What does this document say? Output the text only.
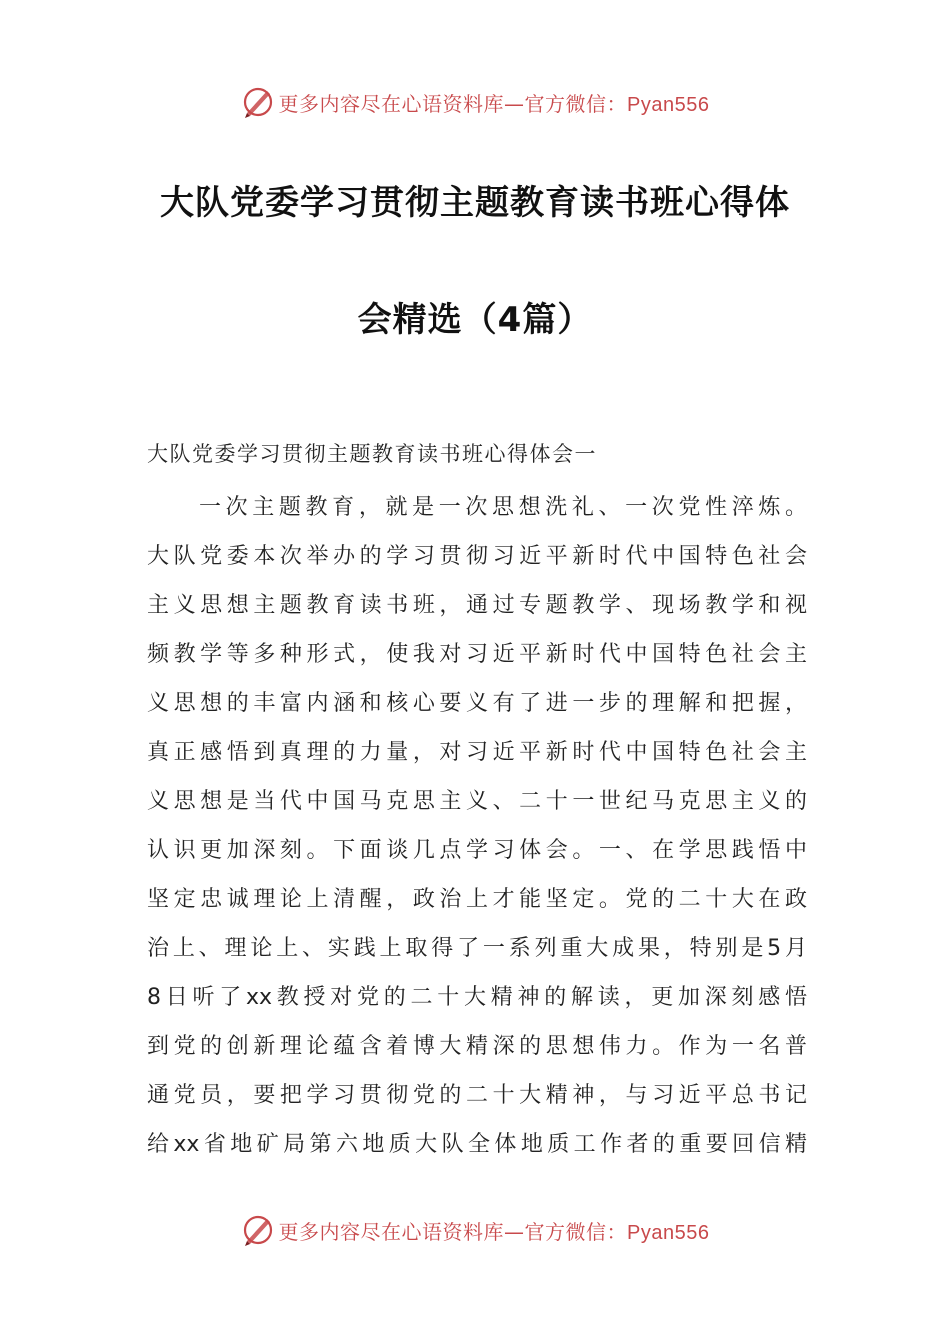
更多内容尽在心语资料库—官方微信：Pyan556
大队党委学习贯彻主题教育读书班心得体
会精选（4篇）
大队党委学习贯彻主题教育读书班心得体会一
一次主题教育，就是一次思想洗礼、一次党性淬炼。
大队党委本次举办的学习贯彻习近平新时代中国特色社会
主义思想主题教育读书班，通过专题教学、现场教学和视
频教学等多种形式，使我对习近平新时代中国特色社会主
义思想的丰富内涵和核心要义有了进一步的理解和把握，
真正感悟到真理的力量，对习近平新时代中国特色社会主
义思想是当代中国马克思主义、二十一世纪马克思主义的
认识更加深刻。下面谈几点学习体会。一、在学思践悟中
坚定忠诚理论上清醒，政治上才能坚定。党的二十大在政
治上、理论上、实践上取得了一系列重大成果，特别是5月
8日听了xx教授对党的二十大精神的解读，更加深刻感悟
到党的创新理论蕴含着博大精深的思想伟力。作为一名普
通党员，要把学习贯彻党的二十大精神，与习近平总书记
给xx省地矿局第六地质大队全体地质工作者的重要回信精
更多内容尽在心语资料库—官方微信：Pyan556
